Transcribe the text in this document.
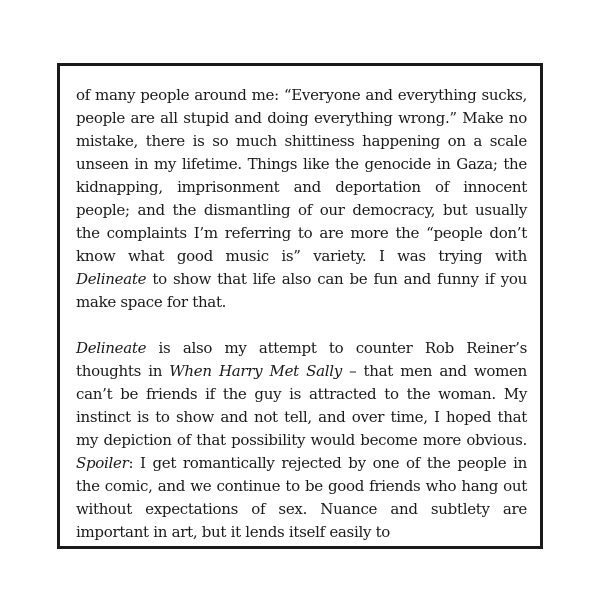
of many people around me: “Everyone and everything sucks, people are all stupid and doing everything wrong.” Make no mistake, there is so much shittiness happening on a scale unseen in my lifetime. Things like the genocide in Gaza; the kidnapping, imprisonment and deportation of innocent people; and the dismantling of our democracy, but usually the complaints I’m referring to are more the “people don’t know what good music is” variety. I was trying with Delineate to show that life also can be fun and funny if you make space for that.

Delineate is also my attempt to counter Rob Reiner’s thoughts in When Harry Met Sally – that men and women can’t be friends if the guy is attracted to the woman. My instinct is to show and not tell, and over time, I hoped that my depiction of that possibility would become more obvious. Spoiler: I get romantically rejected by one of the people in the comic, and we continue to be good friends who hang out without expectations of sex. Nuance and subtlety are important in art, but it lends itself easily to
